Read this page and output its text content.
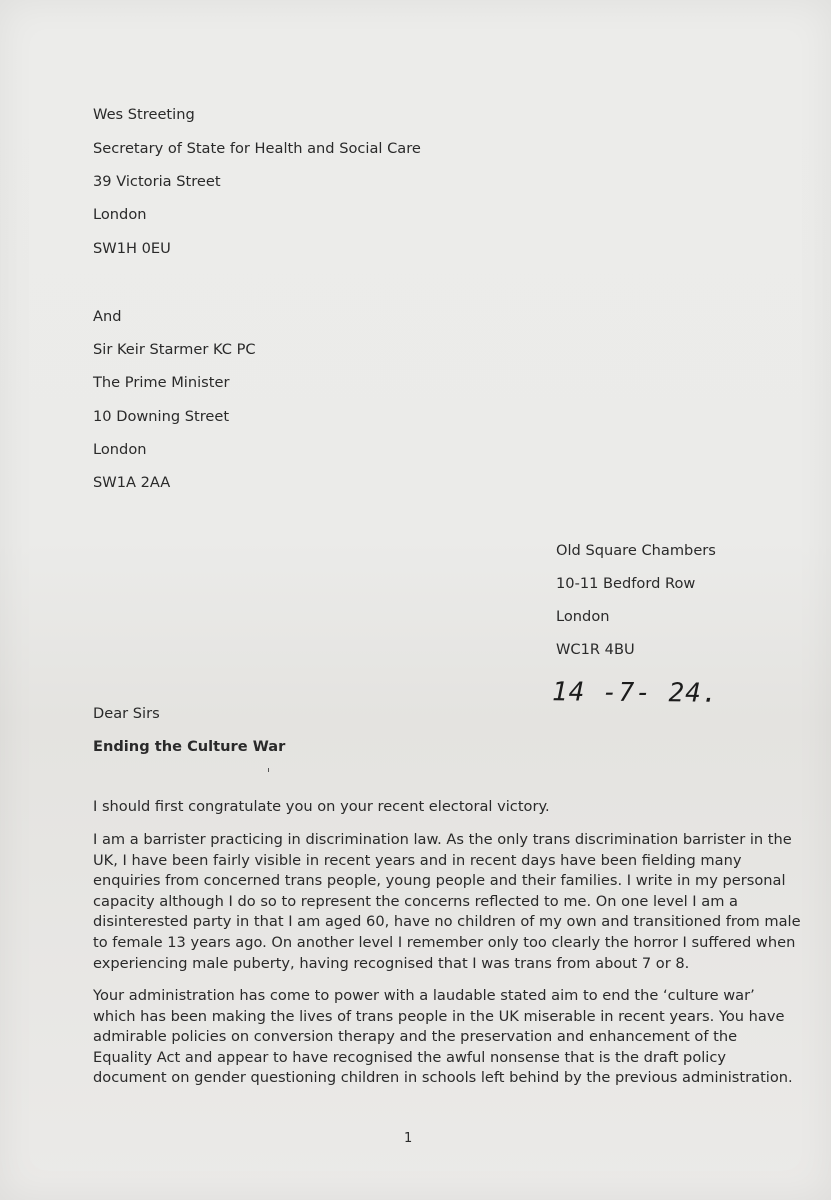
Wes Streeting
Secretary of State for Health and Social Care
39 Victoria Street
London
SW1H 0EU
And
Sir Keir Starmer KC PC
The Prime Minister
10 Downing Street
London
SW1A 2AA
Old Square Chambers
10-11 Bedford Row
London
WC1R 4BU
14 -7- 24.
Dear Sirs
Ending the Culture War
I should first congratulate you on your recent electoral victory.
I am a barrister practicing in discrimination law. As the only trans discrimination barrister in the
UK, I have been fairly visible in recent years and in recent days have been fielding many
enquiries from concerned trans people, young people and their families. I write in my personal
capacity although I do so to represent the concerns reflected to me. On one level I am a
disinterested party in that I am aged 60, have no children of my own and transitioned from male
to female 13 years ago. On another level I remember only too clearly the horror I suffered when
experiencing male puberty, having recognised that I was trans from about 7 or 8.
Your administration has come to power with a laudable stated aim to end the ‘culture war’
which has been making the lives of trans people in the UK miserable in recent years. You have
admirable policies on conversion therapy and the preservation and enhancement of the
Equality Act and appear to have recognised the awful nonsense that is the draft policy
document on gender questioning children in schools left behind by the previous administration.
1
